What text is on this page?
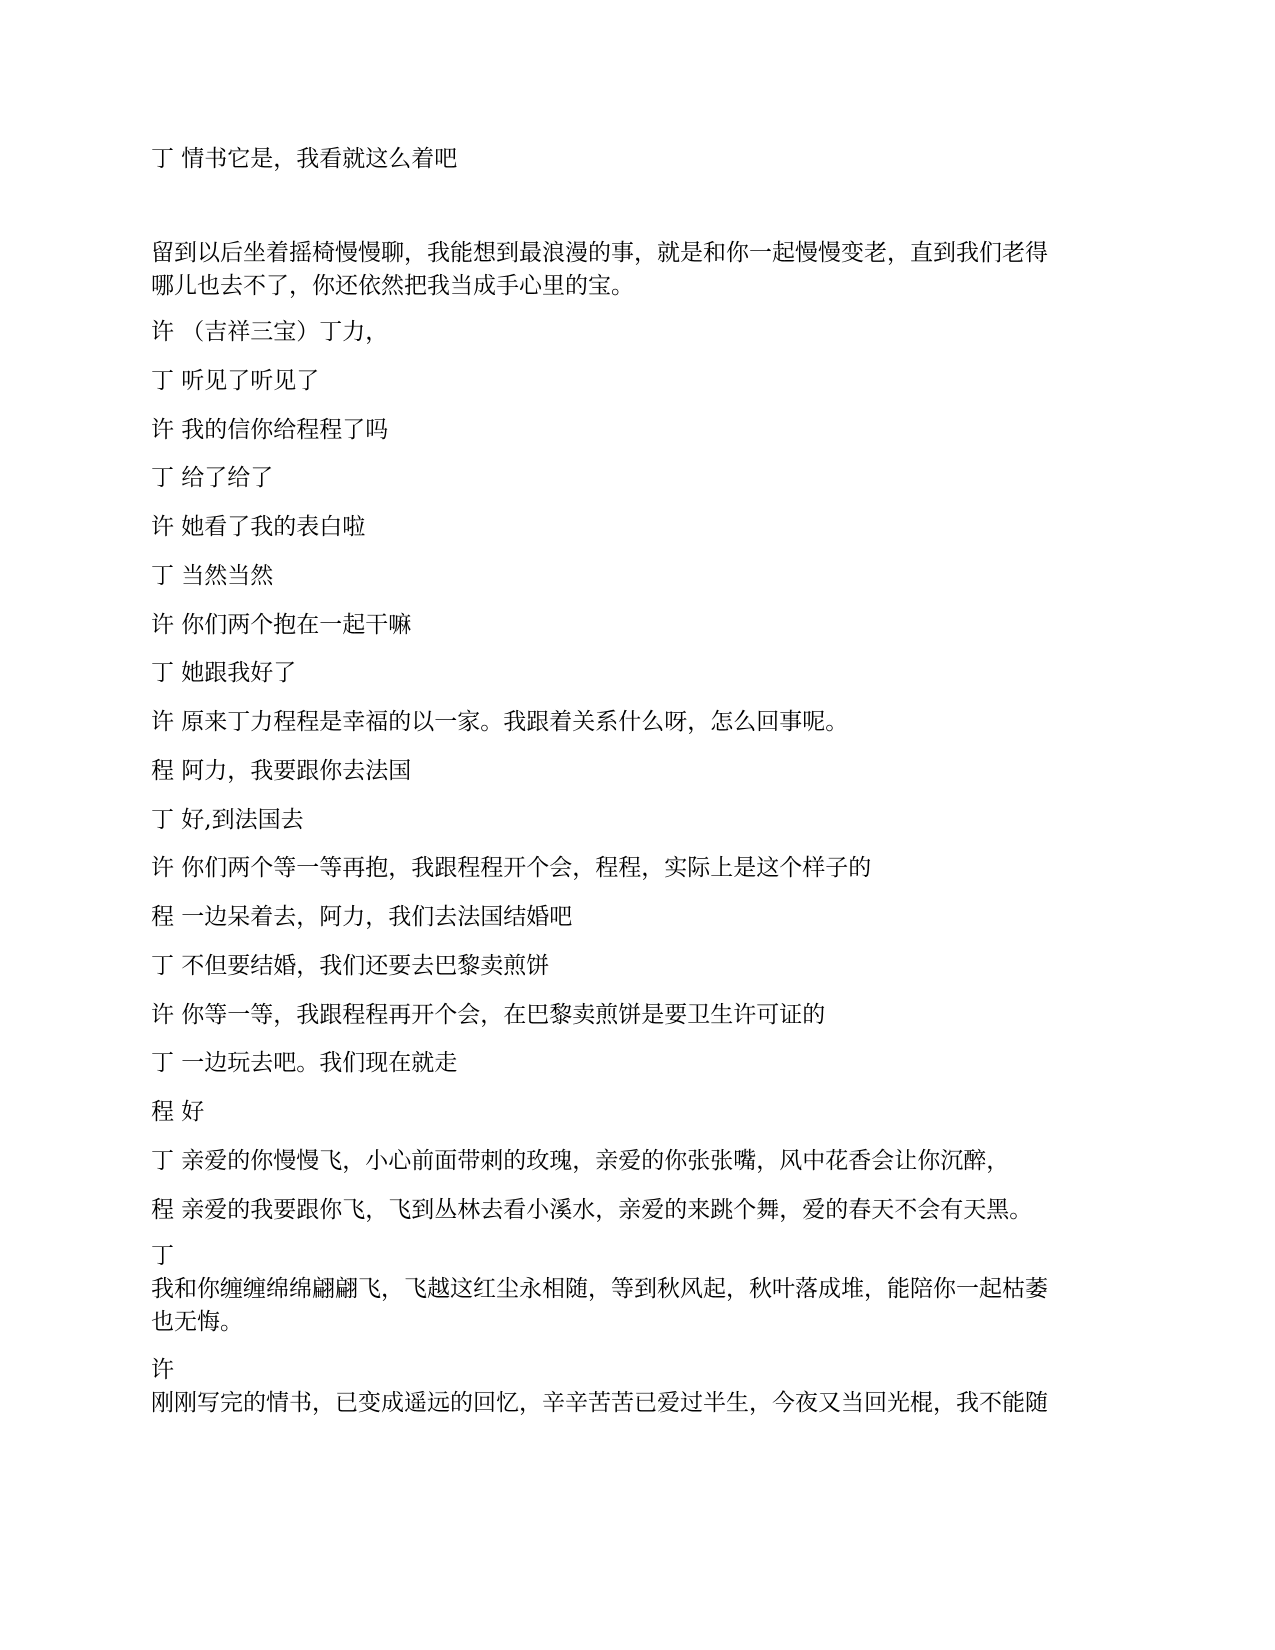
丁 情书它是，我看就这么着吧
留到以后坐着摇椅慢慢聊，我能想到最浪漫的事，就是和你一起慢慢变老，直到我们老得
哪儿也去不了，你还依然把我当成手心里的宝。
许 （吉祥三宝）丁力，
丁 听见了听见了
许 我的信你给程程了吗
丁 给了给了
许 她看了我的表白啦
丁 当然当然
许 你们两个抱在一起干嘛
丁 她跟我好了
许 原来丁力程程是幸福的以一家。我跟着关系什么呀，怎么回事呢。
程 阿力，我要跟你去法国
丁 好,到法国去
许 你们两个等一等再抱，我跟程程开个会，程程，实际上是这个样子的
程 一边呆着去，阿力，我们去法国结婚吧
丁 不但要结婚，我们还要去巴黎卖煎饼
许 你等一等，我跟程程再开个会，在巴黎卖煎饼是要卫生许可证的
丁 一边玩去吧。我们现在就走
程 好
丁 亲爱的你慢慢飞，小心前面带刺的玫瑰，亲爱的你张张嘴，风中花香会让你沉醉，
程 亲爱的我要跟你飞，飞到丛林去看小溪水，亲爱的来跳个舞，爱的春天不会有天黑。
丁
我和你缠缠绵绵翩翩飞，飞越这红尘永相随，等到秋风起，秋叶落成堆，能陪你一起枯萎
也无悔。
许
刚刚写完的情书，已变成遥远的回忆，辛辛苦苦已爱过半生，今夜又当回光棍，我不能随
